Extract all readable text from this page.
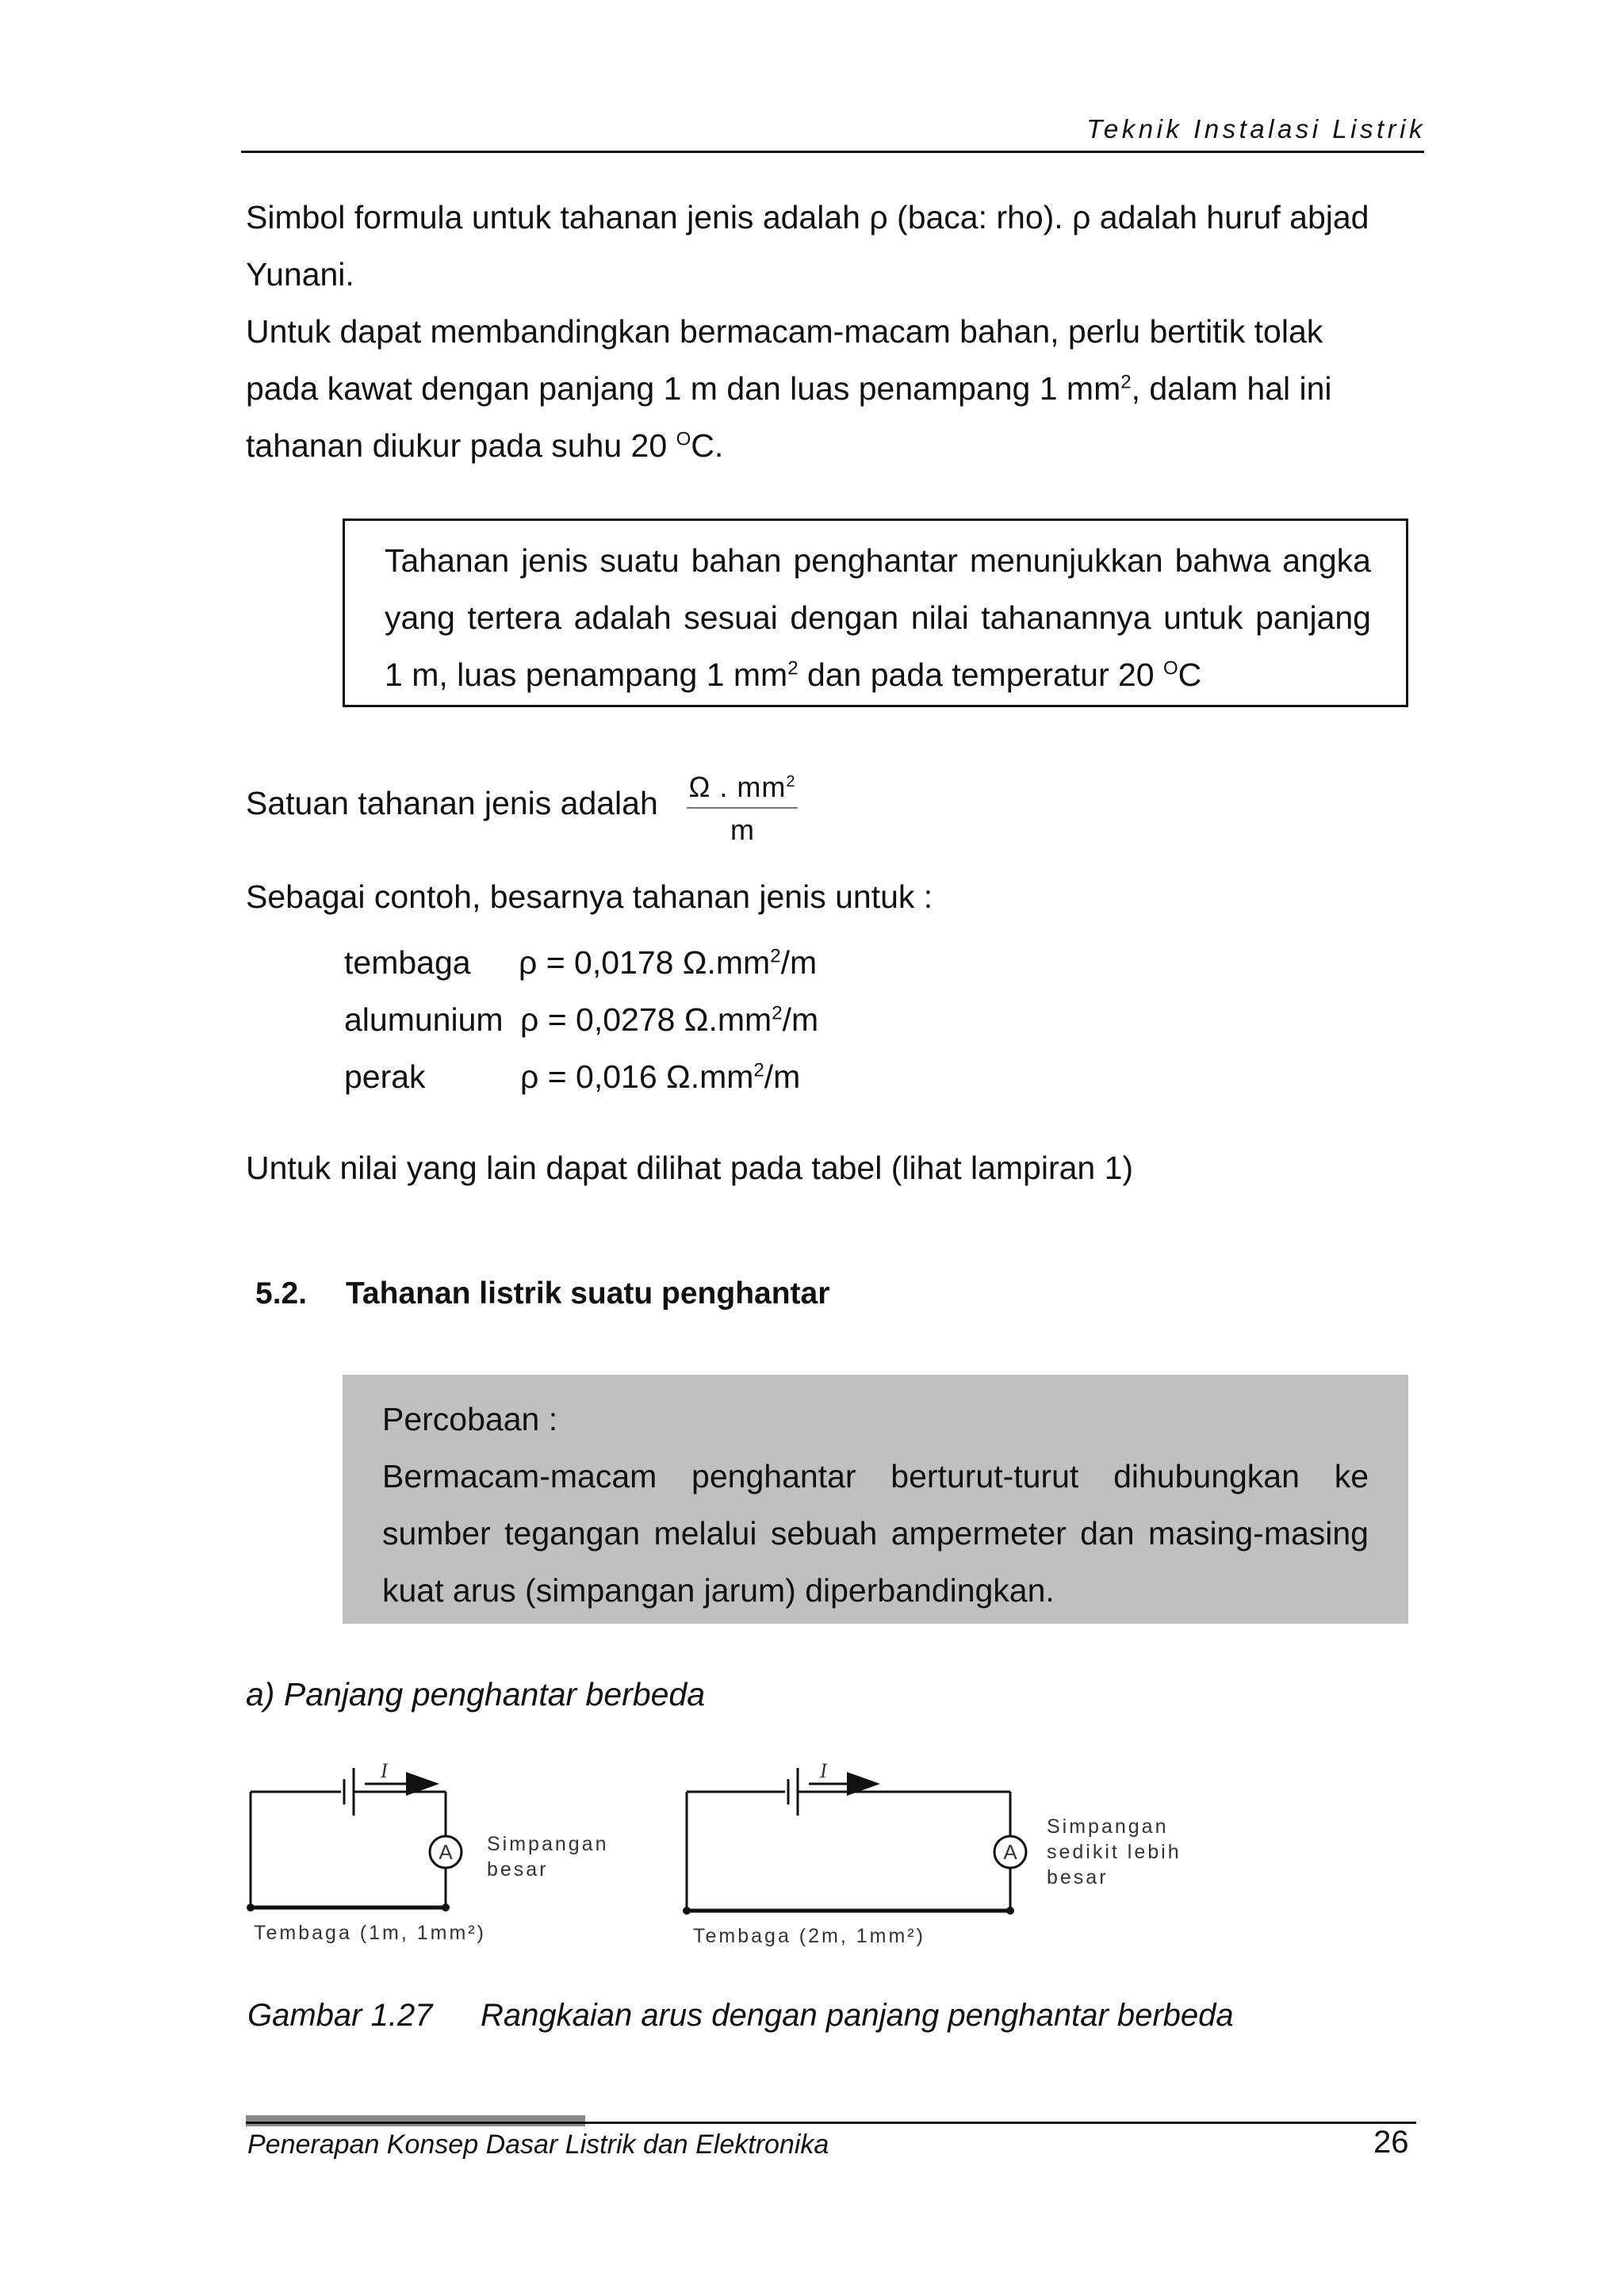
Teknik Instalasi Listrik
Simbol formula untuk tahanan jenis adalah ρ (baca: rho). ρ adalah huruf abjad
Yunani.
Untuk dapat membandingkan bermacam-macam bahan, perlu bertitik tolak
pada kawat dengan panjang 1 m dan luas penampang 1 $mm^2$, dalam hal ini
tahanan diukur pada suhu 20 $^O$C.
Tahanan jenis suatu bahan penghantar menunjukkan bahwa angka
yang tertera adalah sesuai dengan nilai tahanannya untuk panjang
1 m, luas penampang 1 $mm^2$ dan pada temperatur 20 $^O$C
Satuan tahanan jenis adalah Ω . $mm^2$
m
Sebagai contoh, besarnya tahanan jenis untuk :
tembaga ρ = 0,0178 $\Omega.mm^2/m$
alumunium ρ = 0,0278 $\Omega.mm^2/m$
perak	ρ = 0,016 $\Omega.mm^2/m$
Untuk nilai yang lain dapat dilihat pada tabel (lihat lampiran 1)
5.2. Tahanan listrik suatu penghantar
Percobaan :
Bermacam-macam penghantar berturut-turut dihubungkan ke
sumber tegangan melalui sebuah ampermeter dan masing-masing
kuat arus (simpangan jarum) diperbandingkan.
a) Panjang penghantar berbeda
A
I
Simpangan
besar
Tembaga (1m, 1mm²)
A
I
Simpangan
sedikit lebih
besar
Tembaga (2m, 1mm²)
Gambar 1.27 Rangkaian arus dengan panjang penghantar berbeda
Penerapan Konsep Dasar Listrik dan Elektronika	26
